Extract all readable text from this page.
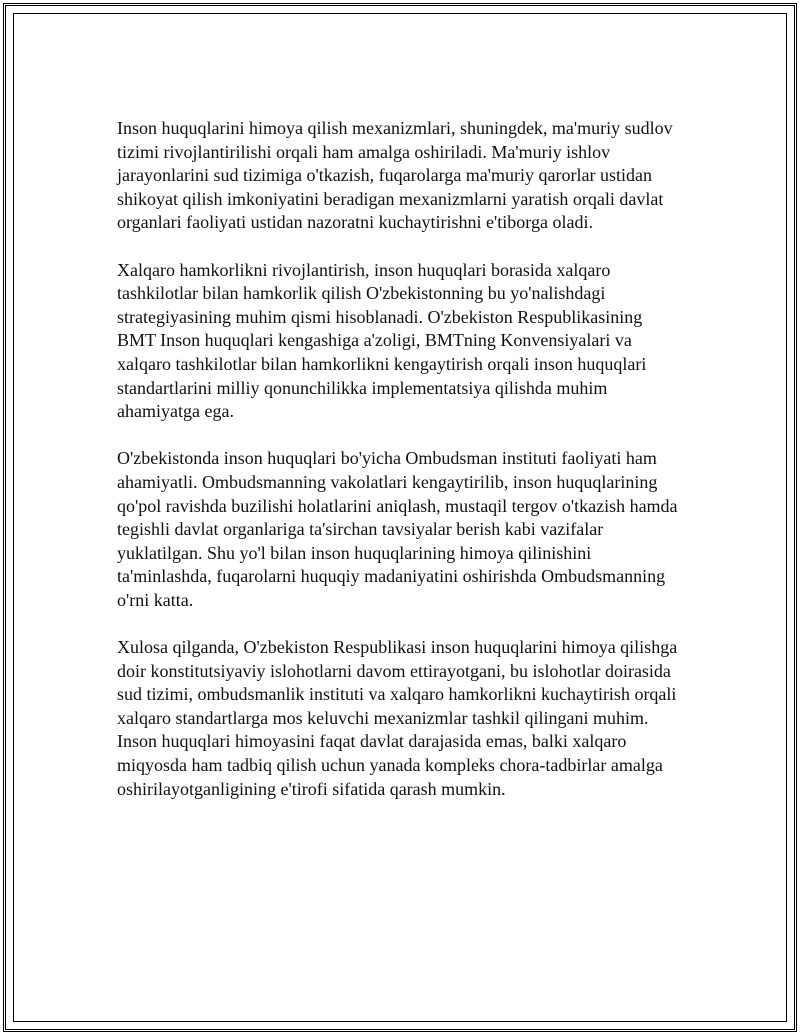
Inson huquqlarini himoya qilish mexanizmlari, shuningdek, ma'muriy sudlov tizimi rivojlantirilishi orqali ham amalga oshiriladi. Ma'muriy ishlov jarayonlarini sud tizimiga o'tkazish, fuqarolarga ma'muriy qarorlar ustidan shikoyat qilish imkoniyatini beradigan mexanizmlarni yaratish orqali davlat organlari faoliyati ustidan nazoratni kuchaytirishni e'tiborga oladi.

Xalqaro hamkorlikni rivojlantirish, inson huquqlari borasida xalqaro tashkilotlar bilan hamkorlik qilish O'zbekistonning bu yo'nalishdagi strategiyasining muhim qismi hisoblanadi. O'zbekiston Respublikasining BMT Inson huquqlari kengashiga a'zoligi, BMTning Konvensiyalari va xalqaro tashkilotlar bilan hamkorlikni kengaytirish orqali inson huquqlari standartlarini milliy qonunchilikka implementatsiya qilishda muhim ahamiyatga ega.

O'zbekistonda inson huquqlari bo'yicha Ombudsman instituti faoliyati ham ahamiyatli. Ombudsmanning vakolatlari kengaytirilib, inson huquqlarining qo'pol ravishda buzilishi holatlarini aniqlash, mustaqil tergov o'tkazish hamda tegishli davlat organlariga ta'sirchan tavsiyalar berish kabi vazifalar yuklatilgan. Shu yo'l bilan inson huquqlarining himoya qilinishini ta'minlashda, fuqarolarni huquqiy madaniyatini oshirishda Ombudsmanning o'rni katta.

Xulosa qilganda, O'zbekiston Respublikasi inson huquqlarini himoya qilishga doir konstitutsiyaviy islohotlarni davom ettirayotgani, bu islohotlar doirasida sud tizimi, ombudsmanlik instituti va xalqaro hamkorlikni kuchaytirish orqali xalqaro standartlarga mos keluvchi mexanizmlar tashkil qilingani muhim. Inson huquqlari himoyasini faqat davlat darajasida emas, balki xalqaro miqyosda ham tadbiq qilish uchun yanada kompleks chora-tadbirlar amalga oshirilayotganligining e'tirofi sifatida qarash mumkin.
